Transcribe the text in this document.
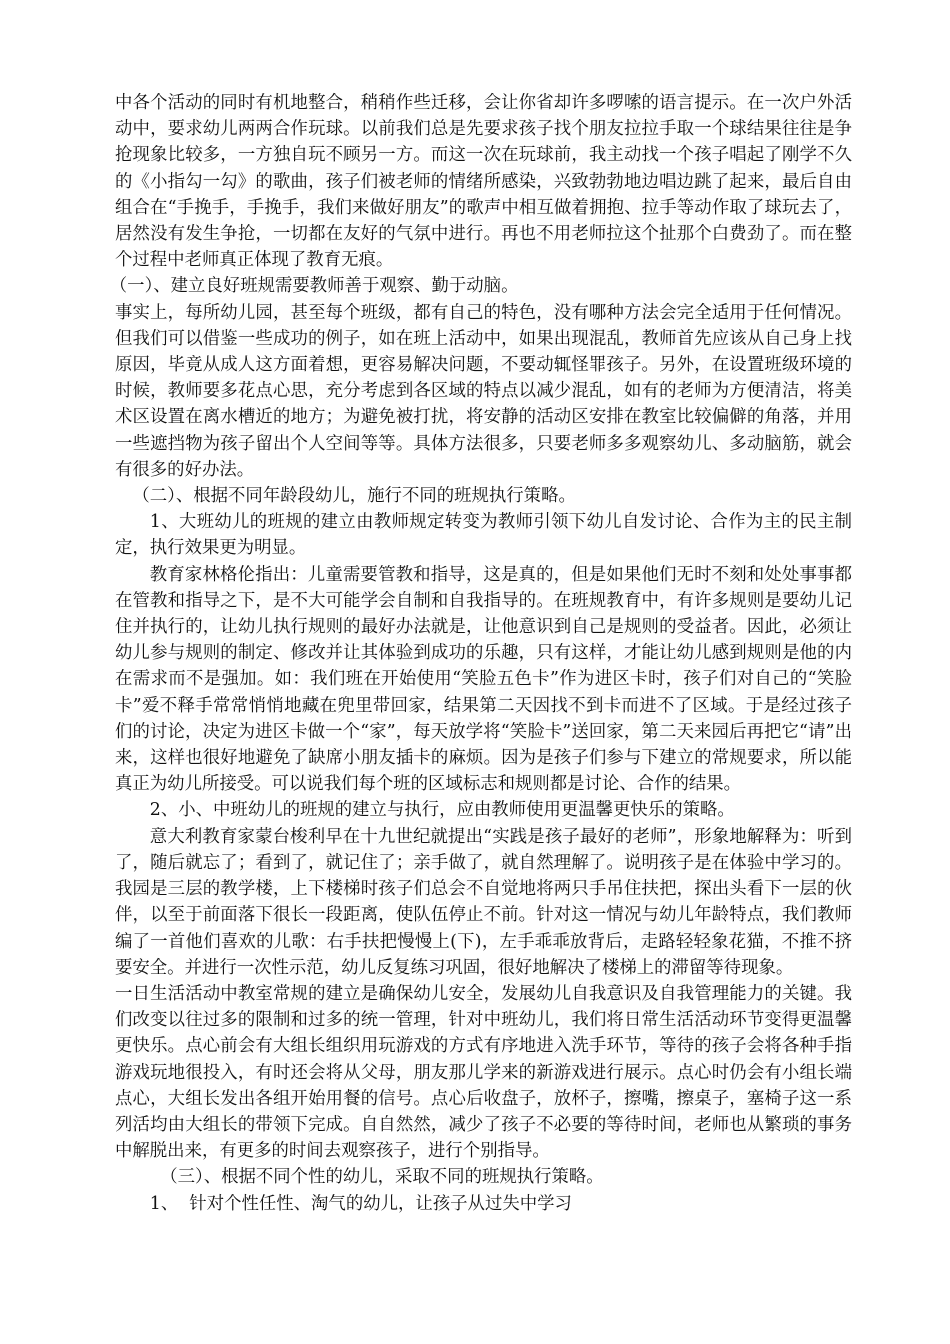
中各个活动的同时有机地整合，稍稍作些迁移，会让你省却许多啰嗦的语言提示。在一次户外活动中，要求幼儿两两合作玩球。以前我们总是先要求孩子找个朋友拉拉手取一个球结果往往是争抢现象比较多，一方独自玩不顾另一方。而这一次在玩球前，我主动找一个孩子唱起了刚学不久的《小指勾一勾》的歌曲，孩子们被老师的情绪所感染，兴致勃勃地边唱边跳了起来，最后自由组合在“手挽手，手挽手，我们来做好朋友”的歌声中相互做着拥抱、拉手等动作取了球玩去了，居然没有发生争抢，一切都在友好的气氛中进行。再也不用老师拉这个扯那个白费劲了。而在整个过程中老师真正体现了教育无痕。

（一）、建立良好班规需要教师善于观察、勤于动脑。

事实上，每所幼儿园，甚至每个班级，都有自己的特色，没有哪种方法会完全适用于任何情况。但我们可以借鉴一些成功的例子，如在班上活动中，如果出现混乱，教师首先应该从自己身上找原因，毕竟从成人这方面着想，更容易解决问题，不要动辄怪罪孩子。另外，在设置班级环境的时候，教师要多花点心思，充分考虑到各区域的特点以减少混乱，如有的老师为方便清洁，将美术区设置在离水槽近的地方；为避免被打扰，将安静的活动区安排在教室比较偏僻的角落，并用一些遮挡物为孩子留出个人空间等等。具体方法很多，只要老师多多观察幼儿、多动脑筋，就会有很多的好办法。

（二）、根据不同年龄段幼儿，施行不同的班规执行策略。

1、大班幼儿的班规的建立由教师规定转变为教师引领下幼儿自发讨论、合作为主的民主制定，执行效果更为明显。

教育家林格伦指出：儿童需要管教和指导，这是真的，但是如果他们无时不刻和处处事事都在管教和指导之下，是不大可能学会自制和自我指导的。在班规教育中，有许多规则是要幼儿记住并执行的，让幼儿执行规则的最好办法就是，让他意识到自己是规则的受益者。因此，必须让幼儿参与规则的制定、修改并让其体验到成功的乐趣，只有这样，才能让幼儿感到规则是他的内在需求而不是强加。如：我们班在开始使用“笑脸五色卡”作为进区卡时，孩子们对自己的“笑脸卡”爱不释手常常悄悄地藏在兜里带回家，结果第二天因找不到卡而进不了区域。于是经过孩子们的讨论，决定为进区卡做一个“家”，每天放学将“笑脸卡”送回家，第二天来园后再把它“请”出来，这样也很好地避免了缺席小朋友插卡的麻烦。因为是孩子们参与下建立的常规要求，所以能真正为幼儿所接受。可以说我们每个班的区域标志和规则都是讨论、合作的结果。

2、小、中班幼儿的班规的建立与执行，应由教师使用更温馨更快乐的策略。

意大利教育家蒙台梭利早在十九世纪就提出“实践是孩子最好的老师”，形象地解释为：听到了，随后就忘了；看到了，就记住了；亲手做了，就自然理解了。说明孩子是在体验中学习的。我园是三层的教学楼，上下楼梯时孩子们总会不自觉地将两只手吊住扶把，探出头看下一层的伙伴，以至于前面落下很长一段距离，使队伍停止不前。针对这一情况与幼儿年龄特点，我们教师编了一首他们喜欢的儿歌：右手扶把慢慢上(下)，左手乖乖放背后，走路轻轻象花猫，不推不挤要安全。并进行一次性示范，幼儿反复练习巩固，很好地解决了楼梯上的滞留等待现象。

一日生活活动中教室常规的建立是确保幼儿安全，发展幼儿自我意识及自我管理能力的关键。我们改变以往过多的限制和过多的统一管理，针对中班幼儿，我们将日常生活活动环节变得更温馨更快乐。点心前会有大组长组织用玩游戏的方式有序地进入洗手环节，等待的孩子会将各种手指游戏玩地很投入，有时还会将从父母，朋友那儿学来的新游戏进行展示。点心时仍会有小组长端点心，大组长发出各组开始用餐的信号。点心后收盘子，放杯子，擦嘴，擦桌子，塞椅子这一系列活均由大组长的带领下完成。自自然然，减少了孩子不必要的等待时间，老师也从繁琐的事务中解脱出来，有更多的时间去观察孩子，进行个别指导。

（三）、根据不同个性的幼儿，采取不同的班规执行策略。

1、  针对个性任性、淘气的幼儿，让孩子从过失中学习
